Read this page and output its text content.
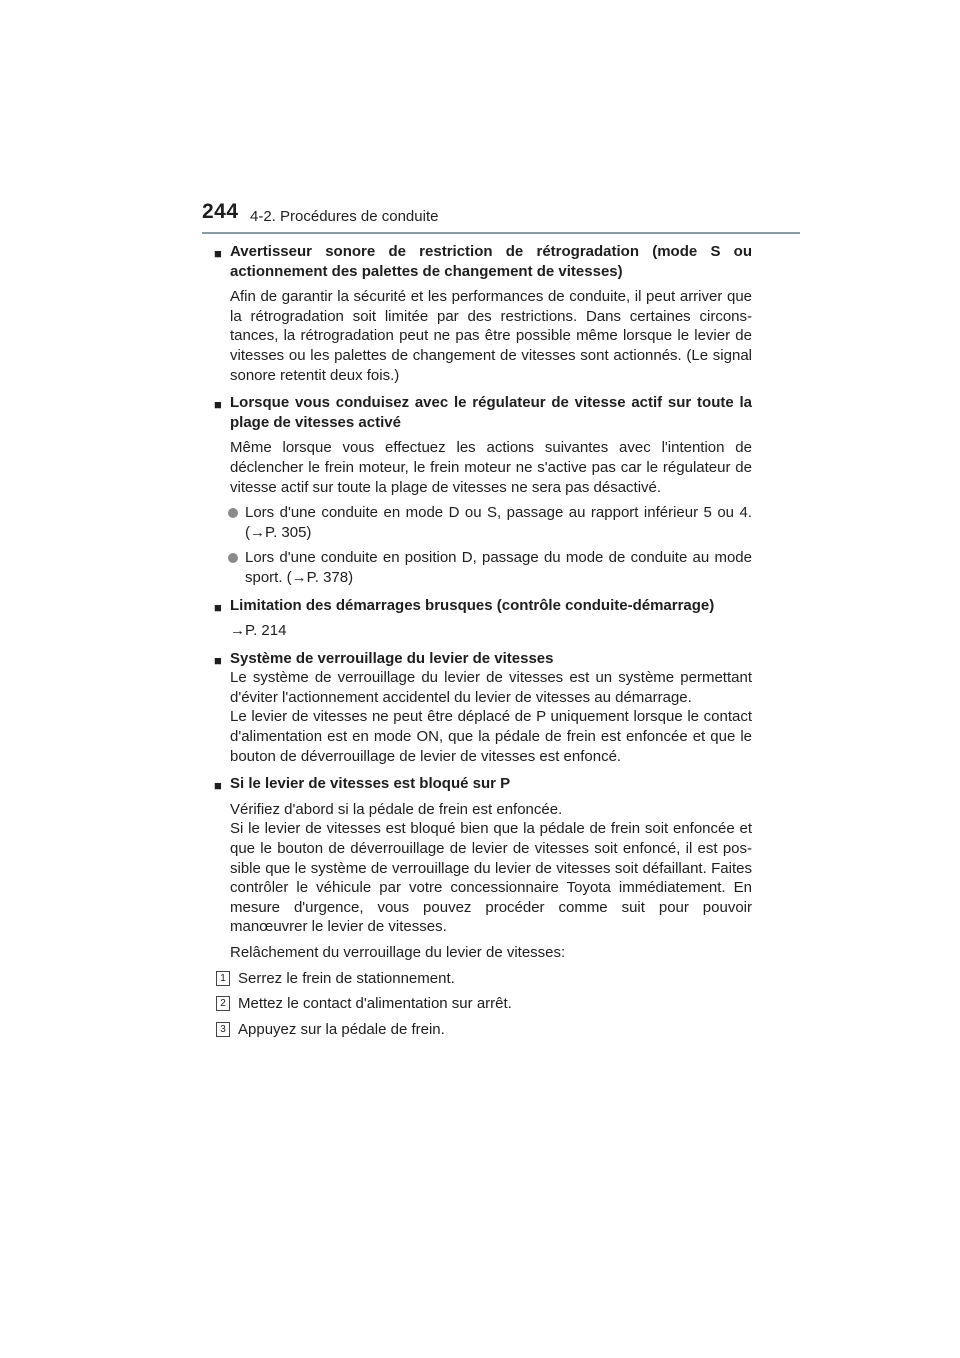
244 4-2. Procédures de conduite

■ Avertisseur sonore de restriction de rétrogradation (mode S ou actionnement des palettes de changement de vitesses)

Afin de garantir la sécurité et les performances de conduite, il peut arriver que la rétrogradation soit limitée par des restrictions. Dans certaines circons-tances, la rétrogradation peut ne pas être possible même lorsque le levier de vitesses ou les palettes de changement de vitesses sont actionnés. (Le signal sonore retentit deux fois.)

■ Lorsque vous conduisez avec le régulateur de vitesse actif sur toute la plage de vitesses activé

Même lorsque vous effectuez les actions suivantes avec l'intention de déclencher le frein moteur, le frein moteur ne s'active pas car le régulateur de vitesse actif sur toute la plage de vitesses ne sera pas désactivé.

Lors d'une conduite en mode D ou S, passage au rapport inférieur 5 ou 4. (→P. 305)

Lors d'une conduite en position D, passage du mode de conduite au mode sport. (→P. 378)

■ Limitation des démarrages brusques (contrôle conduite-démarrage)

→P. 214

■ Système de verrouillage du levier de vitesses

Le système de verrouillage du levier de vitesses est un système permettant d'éviter l'actionnement accidentel du levier de vitesses au démarrage.

Le levier de vitesses ne peut être déplacé de P uniquement lorsque le contact d'alimentation est en mode ON, que la pédale de frein est enfoncée et que le bouton de déverrouillage de levier de vitesses est enfoncé.

■ Si le levier de vitesses est bloqué sur P

Vérifiez d'abord si la pédale de frein est enfoncée.

Si le levier de vitesses est bloqué bien que la pédale de frein soit enfoncée et que le bouton de déverrouillage de levier de vitesses soit enfoncé, il est pos-sible que le système de verrouillage du levier de vitesses soit défaillant. Faites contrôler le véhicule par votre concessionnaire Toyota immédiatement. En mesure d'urgence, vous pouvez procéder comme suit pour pouvoir manœuvrer le levier de vitesses.

Relâchement du verrouillage du levier de vitesses:

1 Serrez le frein de stationnement.

2 Mettez le contact d'alimentation sur arrêt.

3 Appuyez sur la pédale de frein.
